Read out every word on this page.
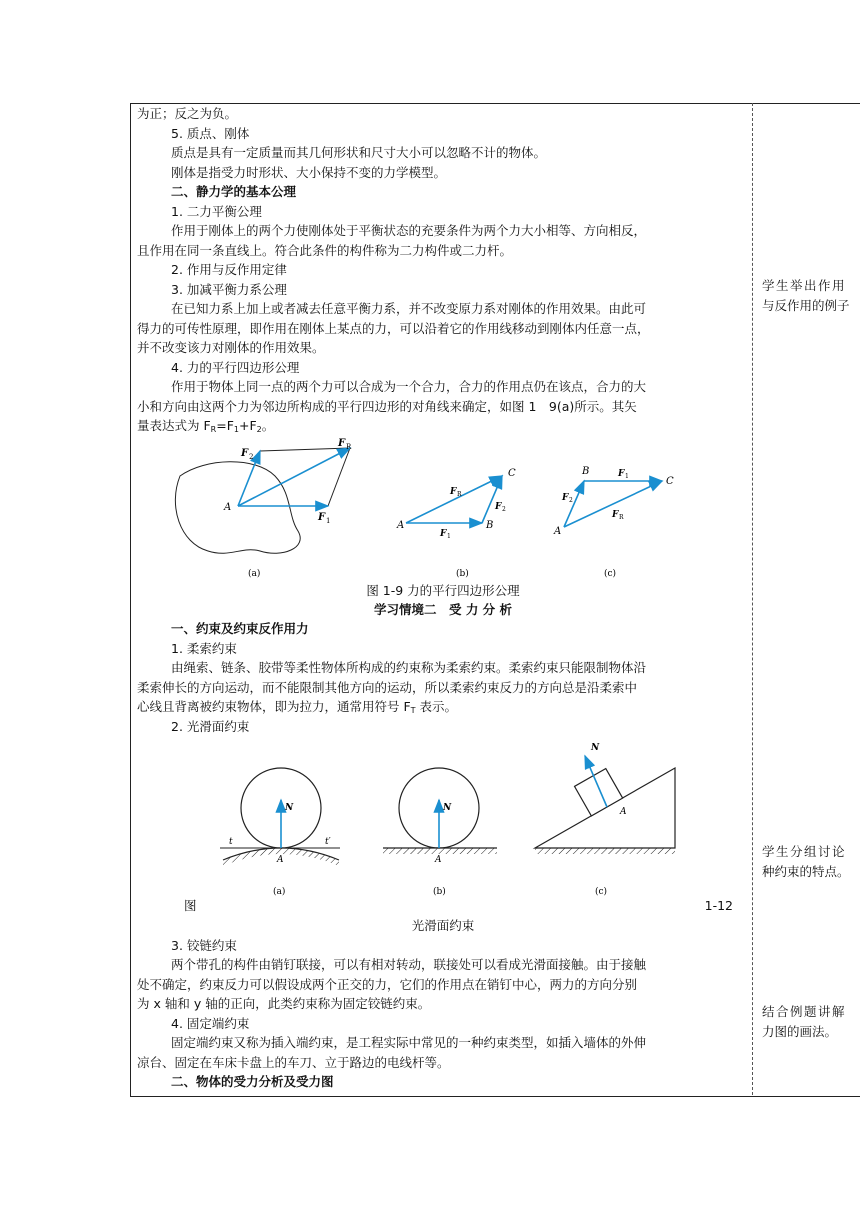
为正；反之为负。
5. 质点、刚体
质点是具有一定质量而其几何形状和尺寸大小可以忽略不计的物体。
刚体是指受力时形状、大小保持不变的力学模型。
二、静力学的基本公理
1. 二力平衡公理
作用于刚体上的两个力使刚体处于平衡状态的充要条件为两个力大小相等、方向相反，
且作用在同一条直线上。符合此条件的构件称为二力构件或二力杆。
2. 作用与反作用定律
3. 加减平衡力系公理
在已知力系上加上或者减去任意平衡力系，并不改变原力系对刚体的作用效果。由此可
得力的可传性原理，即作用在刚体上某点的力，可以沿着它的作用线移动到刚体内任意一点，
并不改变该力对刚体的作用效果。
4. 力的平行四边形公理
作用于物体上同一点的两个力可以合成为一个合力，合力的作用点仍在该点，合力的大
小和方向由这两个力为邻边所构成的平行四边形的对角线来确定，如图 1　9(a)所示。其矢
量表达式为 $F_R=F_1+F_2$。
A
F 1
F 2
F R
(a)
A	B
C
F 1
F 2
F R
(b)
A
B
C
F 1
F 2
F R
(c)
图 1-9 力的平行四边形公理
学习情境二　受 力 分 析
一、约束及约束反作用力
1. 柔索约束
由绳索、链条、胶带等柔性物体所构成的约束称为柔索约束。柔索约束只能限制物体沿
柔索伸长的方向运动，而不能限制其他方向的运动，所以柔索约束反力的方向总是沿柔索中
心线且背离被约束物体，即为拉力，通常用符号 $F_T$ 表示。
2. 光滑面约束
N
A
t	t′
(a)
N
A
(b)
N
A
(c)
图	1-12
光滑面约束
3. 铰链约束
两个带孔的构件由销钉联接，可以有相对转动，联接处可以看成光滑面接触。由于接触
处不确定，约束反力可以假设成两个正交的力，它们的作用点在销钉中心，两力的方向分别
为 x 轴和 y 轴的正向，此类约束称为固定铰链约束。
4. 固定端约束
固定端约束又称为插入端约束，是工程实际中常见的一种约束类型，如插入墙体的外伸
凉台、固定在车床卡盘上的车刀、立于路边的电线杆等。
二、物体的受力分析及受力图
学生举出作用
与反作用的例子
学生分组讨论
种约束的特点。
结合例题讲解
力图的画法。
